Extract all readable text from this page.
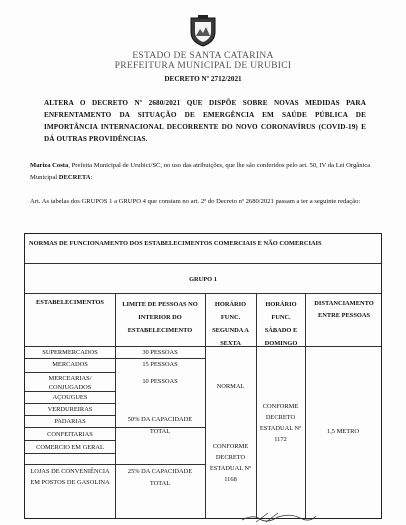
ESTADO DE SANTA CATARINA
PREFEITURA MUNICIPAL DE URUBICI
DECRETO Nº 2712/2021
ALTERA O DECRETO Nº 2680/2021 QUE DISPÕE SOBRE NOVAS MEDIDAS PARA ENFRENTAMENTO DA SITUAÇÃO DE EMERGÊNCIA EM SAÚDE PÚBLICA DE IMPORTÂNCIA INTERNACIONAL DECORRENTE DO NOVO CORONAVÍRUS (COVID-19) E DÁ OUTRAS PROVIDÊNCIAS.
Mariza Costa, Prefeita Municipal de Urubici/SC, no uso das atribuições, que lhe são conferidos pelo art. 50, IV da Lei Orgânica Municipal DECRETA:
Art. As tabelas dos GRUPOS 1 a GRUPO 4 que constam no art. 2º do Decreto nº 2680/2021 passam a ter a seguinte redação:
NORMAS DE FUNCIONAMENTO DOS ESTABELECIMENTOS COMERCIAIS E NÃO COMERCIAIS
GRUPO 1
ESTABELECIMENTOS	LIMITE DE PESSOAS NO INTERIOR DO ESTABELECIMENTO
HORÁRIO FUNC. SEGUNDA A SEXTA
HORÁRIO FUNC. SÁBADO E DOMINGO
DISTANCIAMENTO ENTRE PESSOAS
SUPERMERCADOS
MERCADOS
MERCEARIAS/ CONJUGADOS
AÇOUGUES
VERDUREIRAS
PADARIAS
CONFEITARIAS
COMERCIO EM GERAL
LOJAS DE CONVENIÊNCIA EM POSTOS DE GASOLINA
30 PESSOAS
15 PESSOAS
10 PESSOAS
50% DA CAPACIDADE TOTAL
25% DA CAPACIDADE TOTAL
NORMAL
CONFORME DECRETO ESTADUAL Nº 1168
CONFORME DECRETO ESTADUAL Nº 1172
1,5 METRO
